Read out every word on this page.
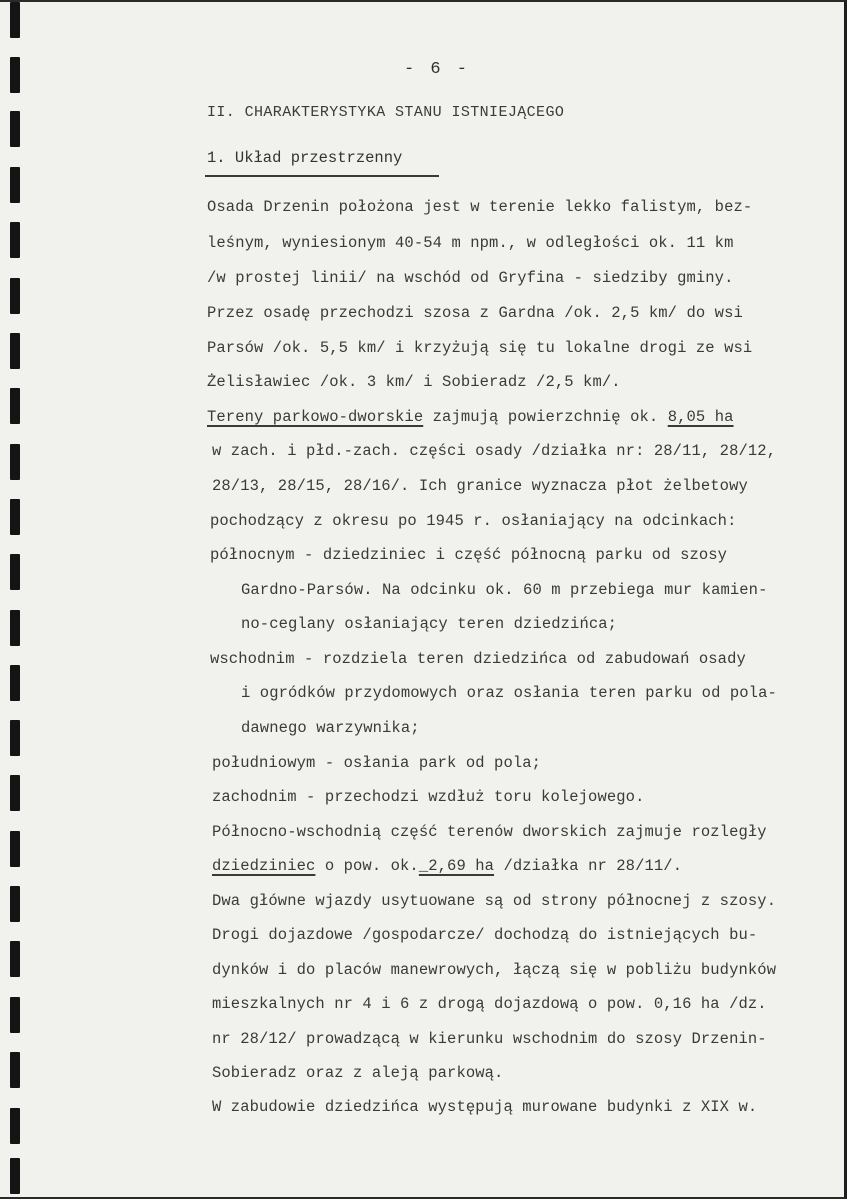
- 6 -
II. CHARAKTERYSTYKA STANU ISTNIEJĄCEGO
1. Układ przestrzenny
Osada Drzenin położona jest w terenie lekko falistym, bez-
leśnym, wyniesionym 40-54 m npm., w odległości ok. 11 km
/w prostej linii/ na wschód od Gryfina - siedziby gminy.
Przez osadę przechodzi szosa z Gardna /ok. 2,5 km/ do wsi
Parsów /ok. 5,5 km/ i krzyżują się tu lokalne drogi ze wsi
Żelisławiec /ok. 3 km/ i Sobieradz /2,5 km/.
Tereny parkowo-dworskie zajmują powierzchnię ok. 8,05 ha
w zach. i płd.-zach. części osady /działka nr: 28/11, 28/12,
28/13, 28/15, 28/16/. Ich granice wyznacza płot żelbetowy
pochodzący z okresu po 1945 r. osłaniający na odcinkach:
północnym - dziedziniec i część północną parku od szosy
Gardno-Parsów. Na odcinku ok. 60 m przebiega mur kamien-
no-ceglany osłaniający teren dziedzińca;
wschodnim - rozdziela teren dziedzińca od zabudowań osady
i ogródków przydomowych oraz osłania teren parku od pola-
dawnego warzywnika;
południowym - osłania park od pola;
zachodnim - przechodzi wzdłuż toru kolejowego.
Północno-wschodnią część terenów dworskich zajmuje rozległy
dziedziniec o pow. ok._2,69 ha /działka nr 28/11/.
Dwa główne wjazdy usytuowane są od strony północnej z szosy.
Drogi dojazdowe /gospodarcze/ dochodzą do istniejących bu-
dynków i do placów manewrowych, łączą się w pobliżu budynków
mieszkalnych nr 4 i 6 z drogą dojazdową o pow. 0,16 ha /dz.
nr 28/12/ prowadzącą w kierunku wschodnim do szosy Drzenin-
Sobieradz oraz z aleją parkową.
W zabudowie dziedzińca występują murowane budynki z XIX w.
